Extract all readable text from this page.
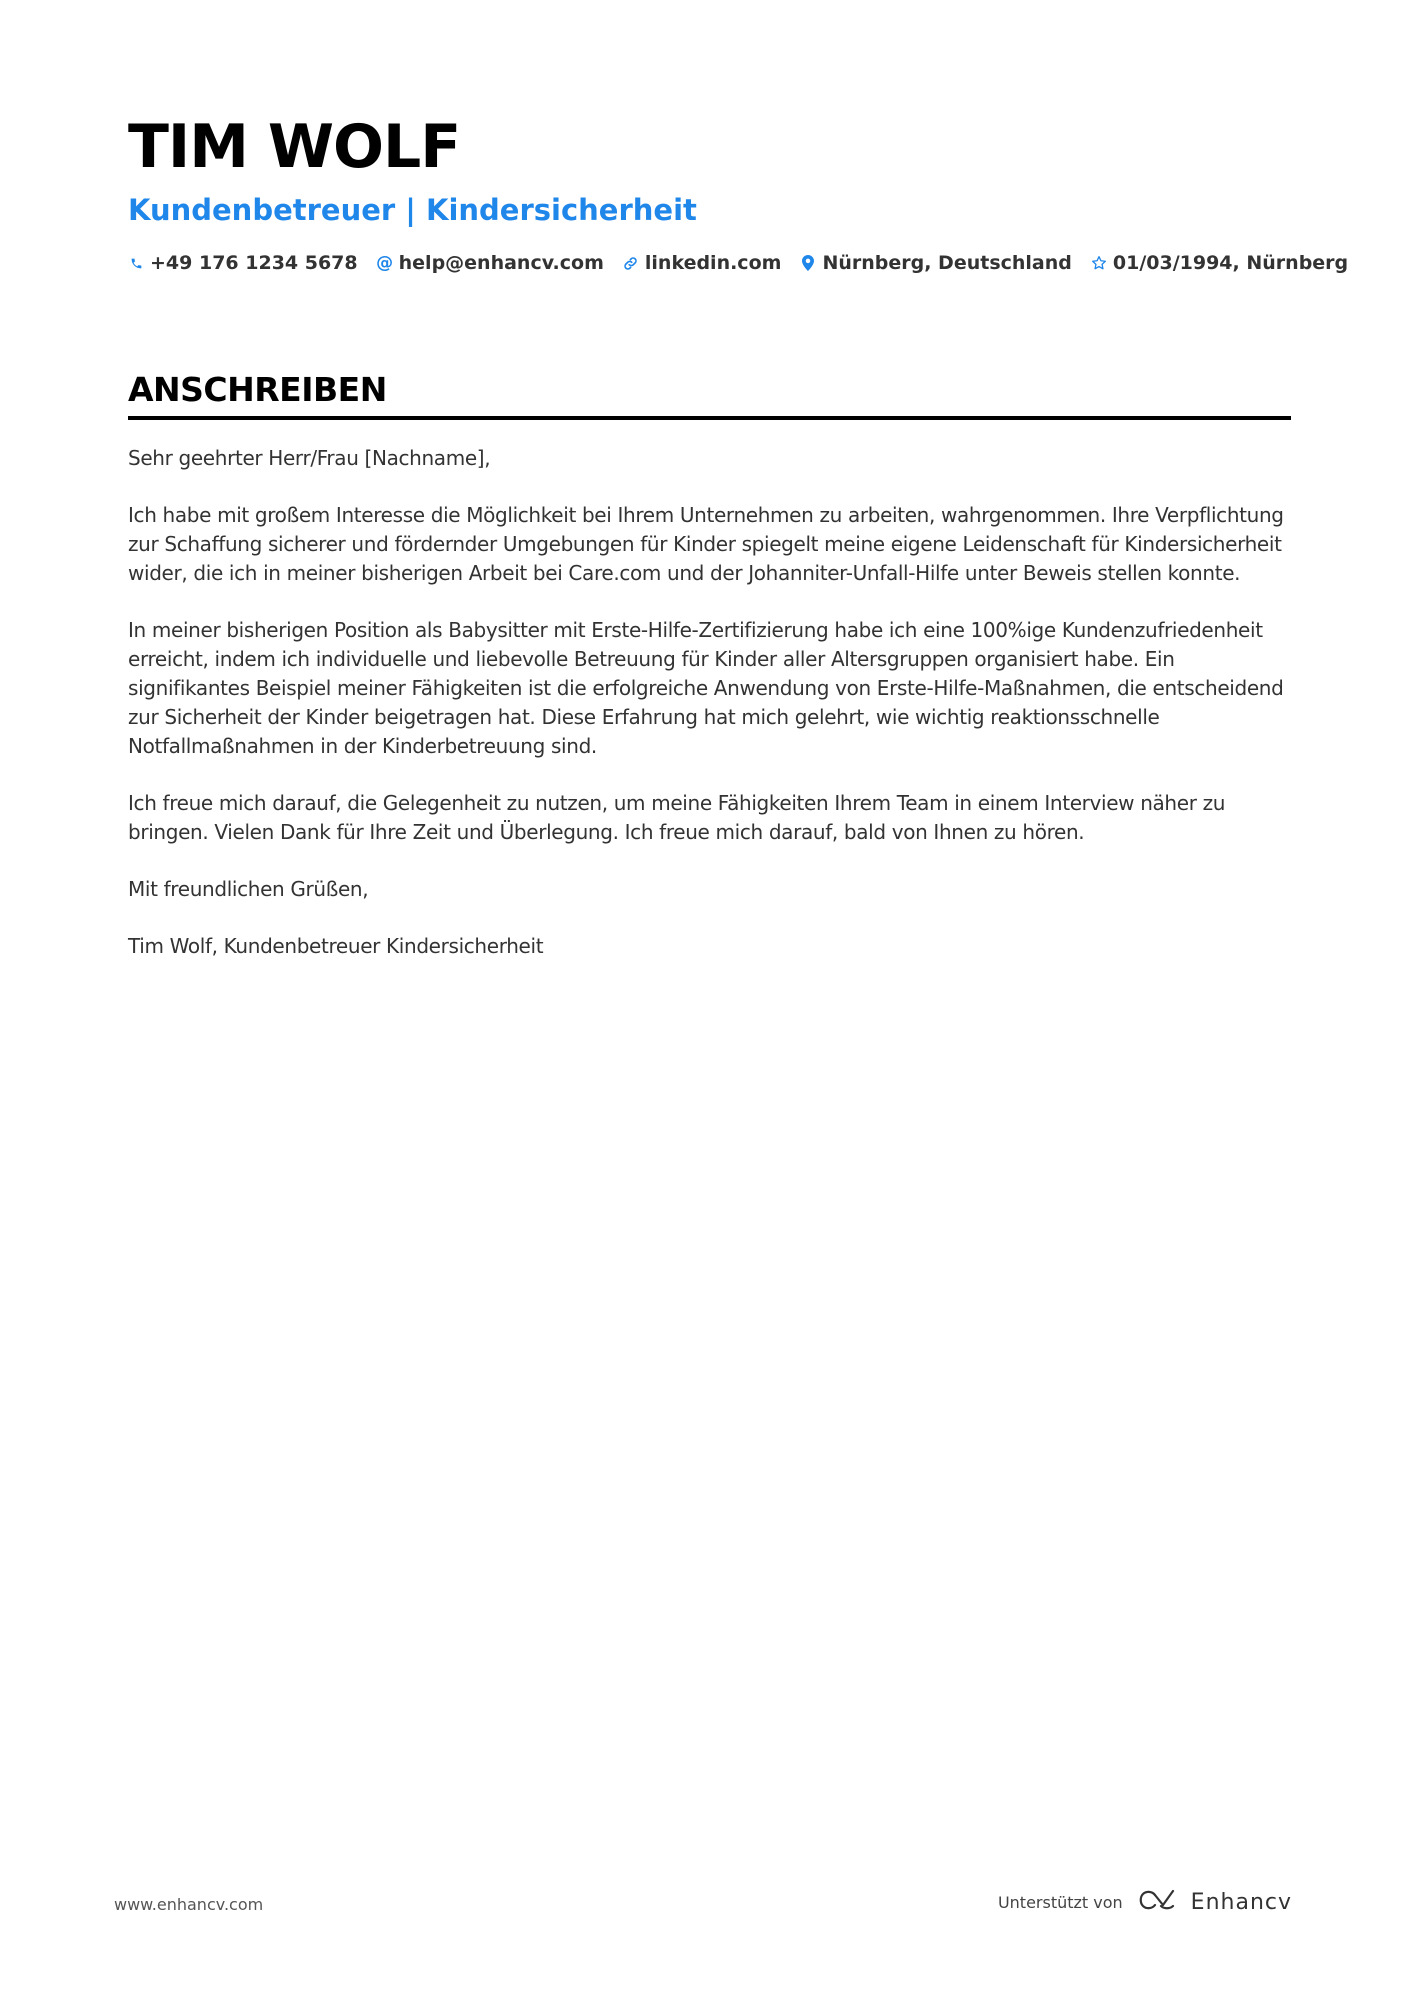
TIM WOLF
Kundenbetreuer | Kindersicherheit
+49 176 1234 5678 @ help@enhancv.com linkedin.com Nürnberg, Deutschland 01/03/1994, Nürnberg
ANSCHREIBEN

Sehr geehrter Herr/Frau [Nachname],

Ich habe mit großem Interesse die Möglichkeit bei Ihrem Unternehmen zu arbeiten, wahrgenommen. Ihre Verpflichtung zur Schaffung sicherer und fördernder Umgebungen für Kinder spiegelt meine eigene Leidenschaft für Kindersicherheit wider, die ich in meiner bisherigen Arbeit bei Care.com und der Johanniter-Unfall-Hilfe unter Beweis stellen konnte.

In meiner bisherigen Position als Babysitter mit Erste-Hilfe-Zertifizierung habe ich eine 100%ige Kundenzufriedenheit erreicht, indem ich individuelle und liebevolle Betreuung für Kinder aller Altersgruppen organisiert habe. Ein signifikantes Beispiel meiner Fähigkeiten ist die erfolgreiche Anwendung von Erste-Hilfe-Maßnahmen, die entscheidend zur Sicherheit der Kinder beigetragen hat. Diese Erfahrung hat mich gelehrt, wie wichtig reaktionsschnelle Notfallmaßnahmen in der Kinderbetreuung sind.

Ich freue mich darauf, die Gelegenheit zu nutzen, um meine Fähigkeiten Ihrem Team in einem Interview näher zu bringen. Vielen Dank für Ihre Zeit und Überlegung. Ich freue mich darauf, bald von Ihnen zu hören.

Mit freundlichen Grüßen,

Tim Wolf, Kundenbetreuer Kindersicherheit

www.enhancv.com	Unterstützt von	Enhancv
